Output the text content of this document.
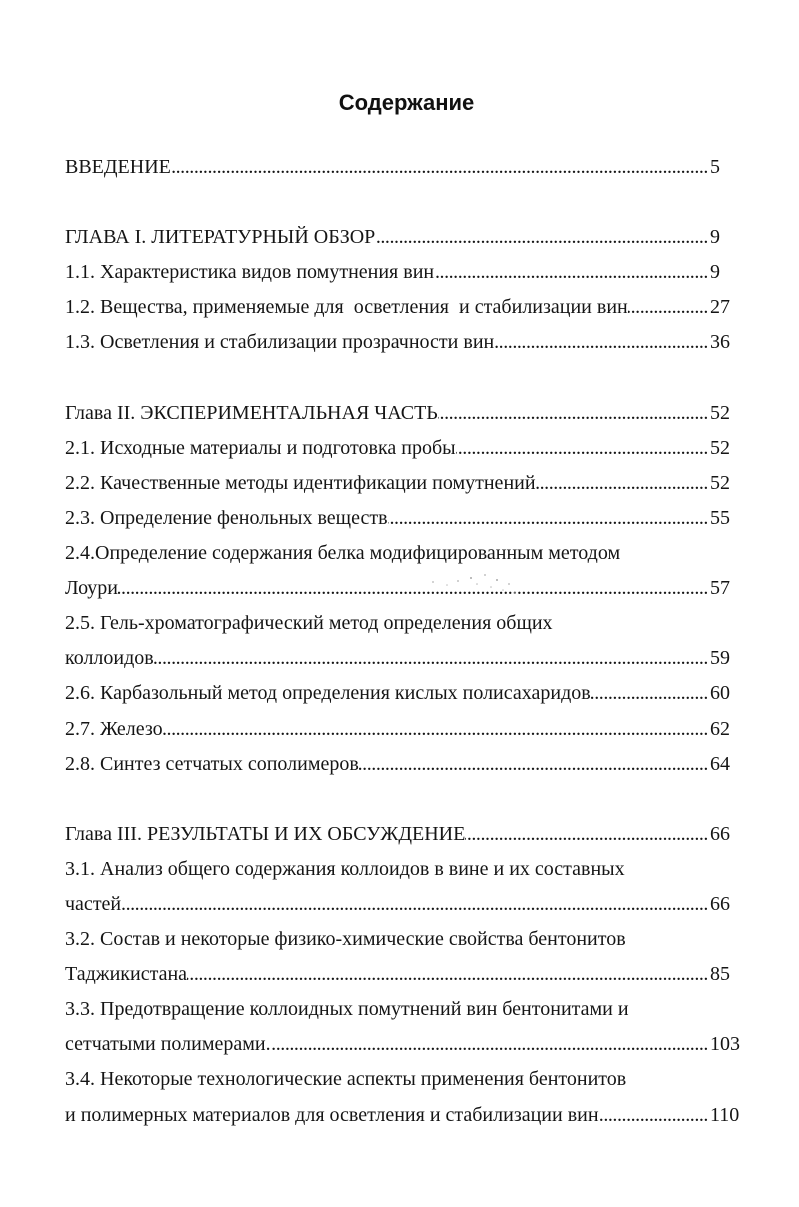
Содержание
ВВЕДЕНИЕ .....	5
ГЛАВА I. ЛИТЕРАТУРНЫЙ ОБЗОР .....	9
1.1. Характеристика видов помутнения вин .....	9
1.2. Вещества, применяемые для  осветления  и стабилизации вин .....	27
1.3. Осветления и стабилизации прозрачности вин .....	36
Глава II. ЭКСПЕРИМЕНТАЛЬНАЯ ЧАСТЬ .....	52
2.1. Исходные материалы и подготовка пробы .....	52
2.2. Качественные методы идентификации помутнений .....	52
2.3. Определение фенольных веществ .....	55
2.4.Определение содержания белка модифицированным методом
Лоури .....	57
2.5. Гель-хроматографический метод определения общих
коллоидов .....	59
2.6. Карбазольный метод определения кислых полисахаридов .....	60
2.7. Железо .....	62
2.8. Синтез сетчатых сополимеров .....	64
Глава III. РЕЗУЛЬТАТЫ И ИХ ОБСУЖДЕНИЕ .....	66
3.1. Анализ общего содержания коллоидов в вине и их составных
частей .....	66
3.2. Состав и некоторые физико-химические свойства бентонитов
Таджикистана .....	85
3.3. Предотвращение коллоидных помутнений вин бентонитами и
сетчатыми полимерами. .....	103
3.4. Некоторые технологические аспекты применения бентонитов
и полимерных материалов для осветления и стабилизации вин .....	110
